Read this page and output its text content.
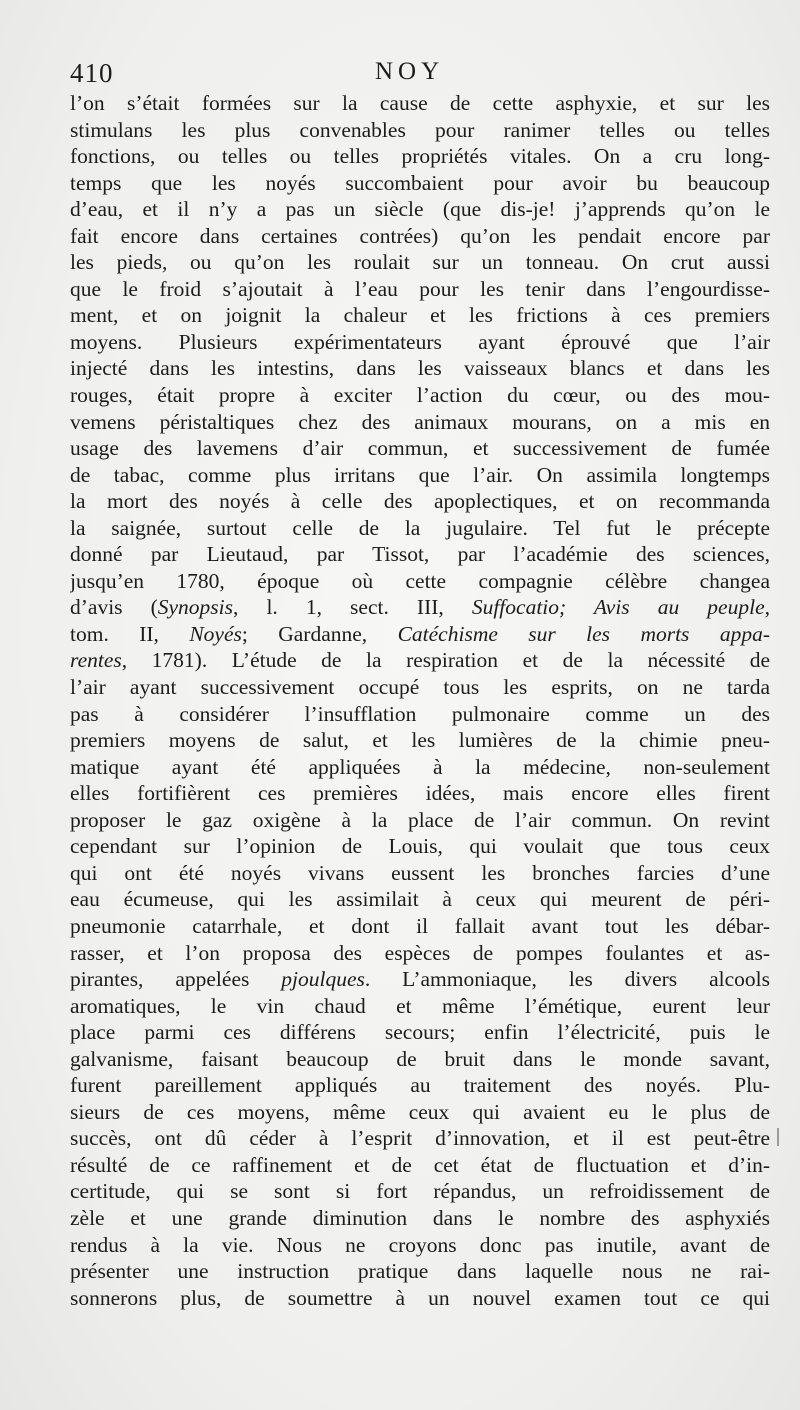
410	NOY
l’on s’était formées sur la cause de cette asphyxie, et sur les
stimulans les plus convenables pour ranimer telles ou telles
fonctions, ou telles ou telles propriétés vitales. On a cru long-
temps que les noyés succombaient pour avoir bu beaucoup
d’eau, et il n’y a pas un siècle (que dis-je! j’apprends qu’on le
fait encore dans certaines contrées) qu’on les pendait encore par
les pieds, ou qu’on les roulait sur un tonneau. On crut aussi
que le froid s’ajoutait à l’eau pour les tenir dans l’engourdisse-
ment, et on joignit la chaleur et les frictions à ces premiers
moyens. Plusieurs expérimentateurs ayant éprouvé que l’air
injecté dans les intestins, dans les vaisseaux blancs et dans les
rouges, était propre à exciter l’action du cœur, ou des mou-
vemens péristaltiques chez des animaux mourans, on a mis en
usage des lavemens d’air commun, et successivement de fumée
de tabac, comme plus irritans que l’air. On assimila longtemps
la mort des noyés à celle des apoplectiques, et on recommanda
la saignée, surtout celle de la jugulaire. Tel fut le précepte
donné par Lieutaud, par Tissot, par l’académie des sciences,
jusqu’en 1780, époque où cette compagnie célèbre changea
d’avis (Synopsis, l. 1, sect. III, Suffocatio; Avis au peuple,
tom. II, Noyés; Gardanne, Catéchisme sur les morts appa-
rentes, 1781). L’étude de la respiration et de la nécessité de
l’air ayant successivement occupé tous les esprits, on ne tarda
pas à considérer l’insufflation pulmonaire comme un des
premiers moyens de salut, et les lumières de la chimie pneu-
matique ayant été appliquées à la médecine, non-seulement
elles fortifièrent ces premières idées, mais encore elles firent
proposer le gaz oxigène à la place de l’air commun. On revint
cependant sur l’opinion de Louis, qui voulait que tous ceux
qui ont été noyés vivans eussent les bronches farcies d’une
eau écumeuse, qui les assimilait à ceux qui meurent de péri-
pneumonie catarrhale, et dont il fallait avant tout les débar-
rasser, et l’on proposa des espèces de pompes foulantes et as-
pirantes, appelées pjoulques. L’ammoniaque, les divers alcools
aromatiques, le vin chaud et même l’émétique, eurent leur
place parmi ces différens secours; enfin l’électricité, puis le
galvanisme, faisant beaucoup de bruit dans le monde savant,
furent pareillement appliqués au traitement des noyés. Plu-
sieurs de ces moyens, même ceux qui avaient eu le plus de
succès, ont dû céder à l’esprit d’innovation, et il est peut-être
résulté de ce raffinement et de cet état de fluctuation et d’in-
certitude, qui se sont si fort répandus, un refroidissement de
zèle et une grande diminution dans le nombre des asphyxiés
rendus à la vie. Nous ne croyons donc pas inutile, avant de
présenter une instruction pratique dans laquelle nous ne rai-
sonnerons plus, de soumettre à un nouvel examen tout ce qui
